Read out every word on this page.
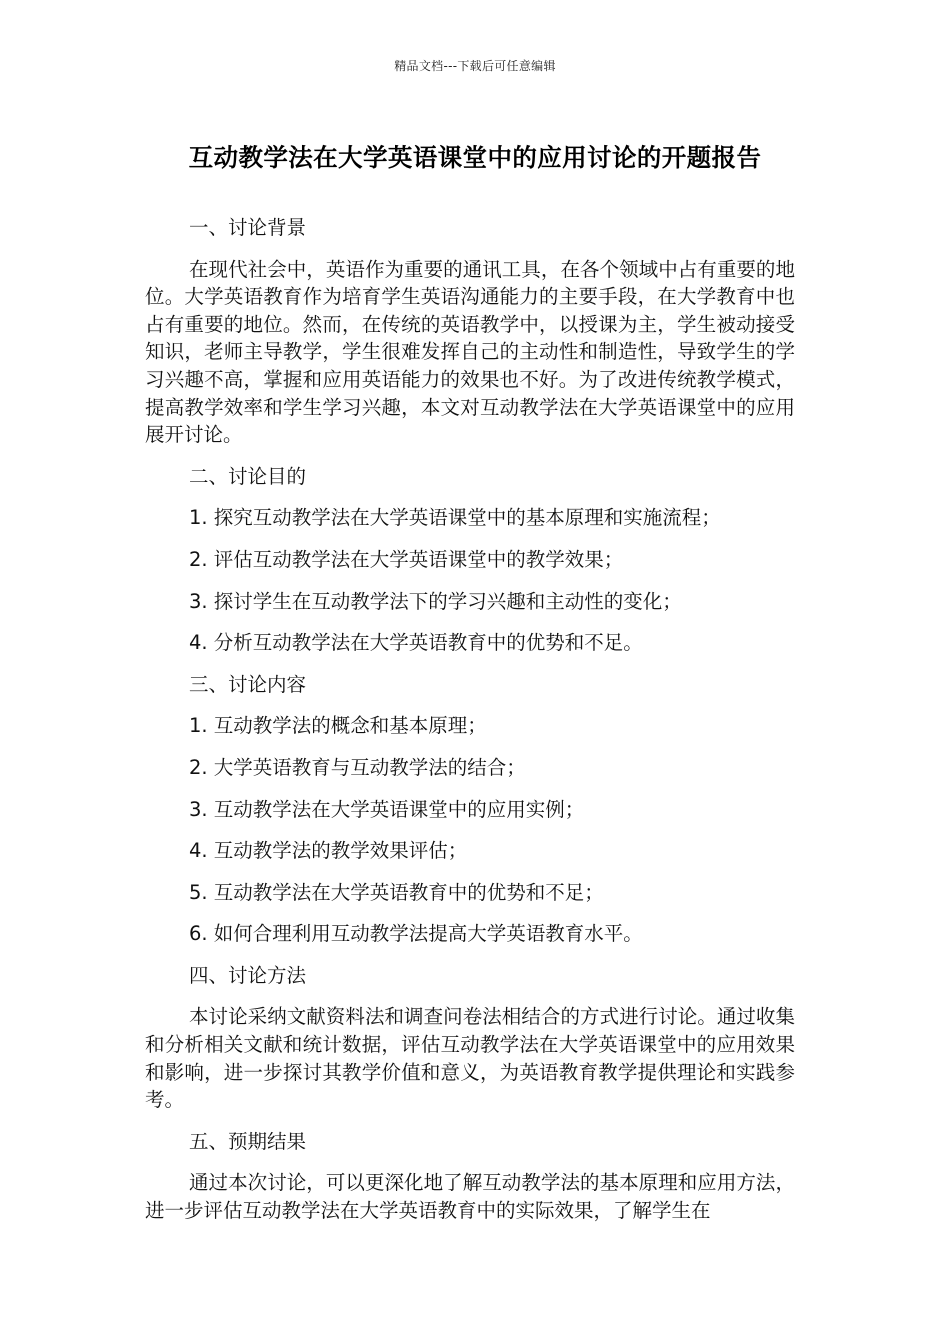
精品文档---下载后可任意编辑
互动教学法在大学英语课堂中的应用讨论的开题报告

一、讨论背景

在现代社会中，英语作为重要的通讯工具，在各个领域中占有重要的地位。大学英语教育作为培育学生英语沟通能力的主要手段，在大学教育中也占有重要的地位。然而，在传统的英语教学中，以授课为主，学生被动接受知识，老师主导教学，学生很难发挥自己的主动性和制造性，导致学生的学习兴趣不高，掌握和应用英语能力的效果也不好。为了改进传统教学模式，提高教学效率和学生学习兴趣，本文对互动教学法在大学英语课堂中的应用展开讨论。

二、讨论目的

1. 探究互动教学法在大学英语课堂中的基本原理和实施流程；

2. 评估互动教学法在大学英语课堂中的教学效果；

3. 探讨学生在互动教学法下的学习兴趣和主动性的变化；

4. 分析互动教学法在大学英语教育中的优势和不足。

三、讨论内容

1. 互动教学法的概念和基本原理；

2. 大学英语教育与互动教学法的结合；

3. 互动教学法在大学英语课堂中的应用实例；

4. 互动教学法的教学效果评估；

5. 互动教学法在大学英语教育中的优势和不足；

6. 如何合理利用互动教学法提高大学英语教育水平。

四、讨论方法

本讨论采纳文献资料法和调查问卷法相结合的方式进行讨论。通过收集和分析相关文献和统计数据，评估互动教学法在大学英语课堂中的应用效果和影响，进一步探讨其教学价值和意义，为英语教育教学提供理论和实践参考。

五、预期结果

通过本次讨论，可以更深化地了解互动教学法的基本原理和应用方法，进一步评估互动教学法在大学英语教育中的实际效果，了解学生在
